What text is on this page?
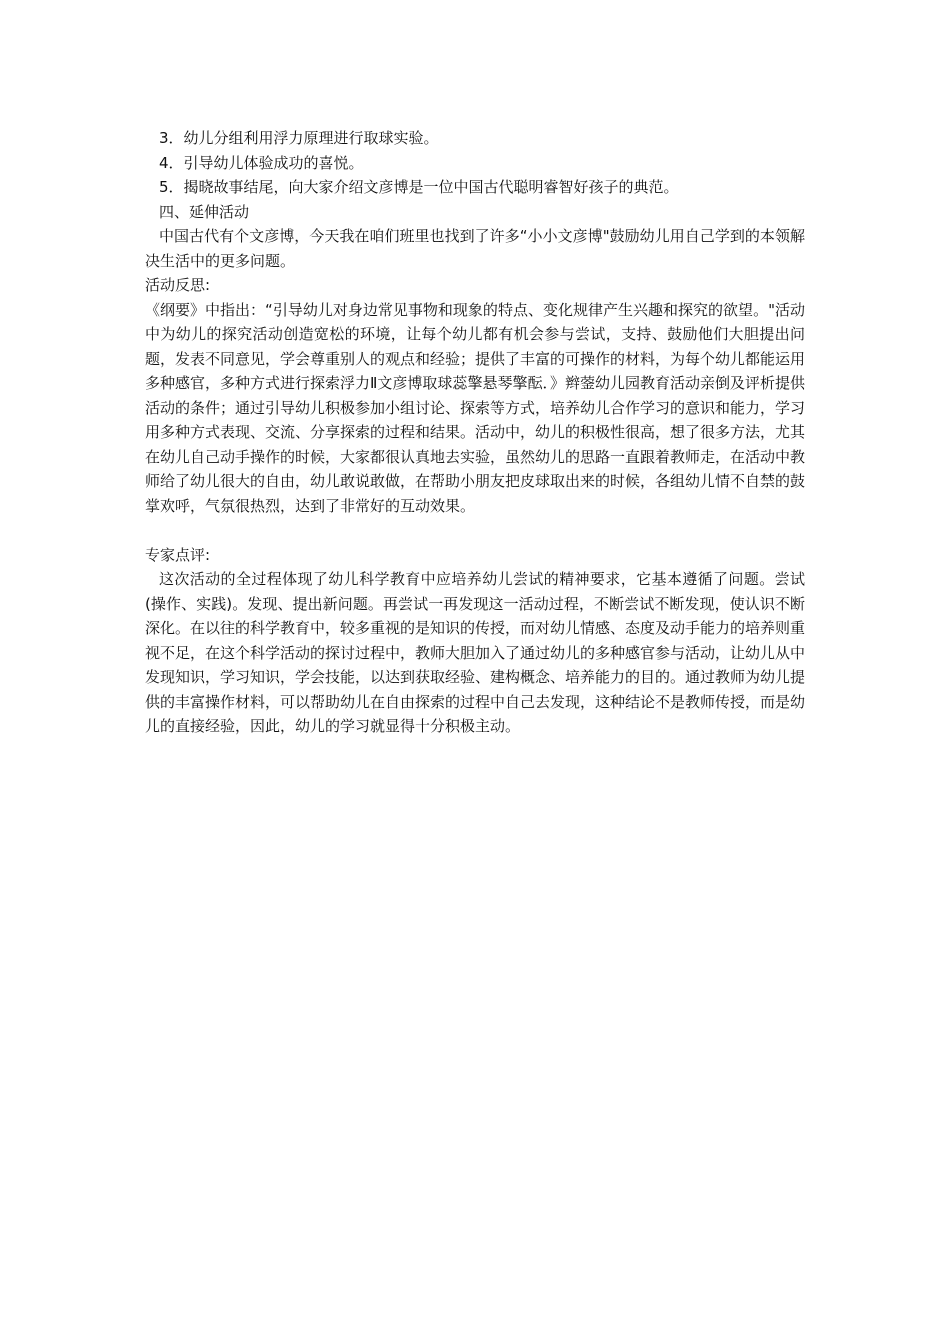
3．幼儿分组利用浮力原理进行取球实验。

4．引导幼儿体验成功的喜悦。

5．揭晓故事结尾，向大家介绍文彦博是一位中国古代聪明睿智好孩子的典范。

四、延伸活动

中国古代有个文彦博，今天我在咱们班里也找到了许多“小小文彦博"鼓励幼儿用自己学到的本领解决生活中的更多问题。

活动反思:

《纲要》中指出：“引导幼儿对身边常见事物和现象的特点、变化规律产生兴趣和探究的欲望。"活动中为幼儿的探究活动创造宽松的环境，让每个幼儿都有机会参与尝试，支持、鼓励他们大胆提出问题，发表不同意见，学会尊重别人的观点和经验；提供了丰富的可操作的材料，为每个幼儿都能运用多种感官，多种方式进行探索浮力Ⅱ文彦博取球蕊擎悬琴擎酝．》辫蓥幼儿园教育活动亲倒及评析提供活动的条件；通过引导幼儿积极参加小组讨论、探索等方式，培养幼儿合作学习的意识和能力，学习用多种方式表现、交流、分享探索的过程和结果。活动中，幼儿的积极性很高，想了很多方法，尤其在幼儿自己动手操作的时候，大家都很认真地去实验，虽然幼儿的思路一直跟着教师走，在活动中教师给了幼儿很大的自由，幼儿敢说敢做，在帮助小朋友把皮球取出来的时候，各组幼儿情不自禁的鼓掌欢呼，气氛很热烈，达到了非常好的互动效果。

专家点评:

这次活动的全过程体现了幼儿科学教育中应培养幼儿尝试的精神要求，它基本遵循了问题。尝试(操作、实践)。发现、提出新问题。再尝试一再发现这一活动过程，不断尝试不断发现，使认识不断深化。在以往的科学教育中，较多重视的是知识的传授，而对幼儿情感、态度及动手能力的培养则重视不足，在这个科学活动的探讨过程中，教师大胆加入了通过幼儿的多种感官参与活动，让幼儿从中发现知识，学习知识，学会技能，以达到获取经验、建构概念、培养能力的目的。通过教师为幼儿提供的丰富操作材料，可以帮助幼儿在自由探索的过程中自己去发现，这种结论不是教师传授，而是幼儿的直接经验，因此，幼儿的学习就显得十分积极主动。
